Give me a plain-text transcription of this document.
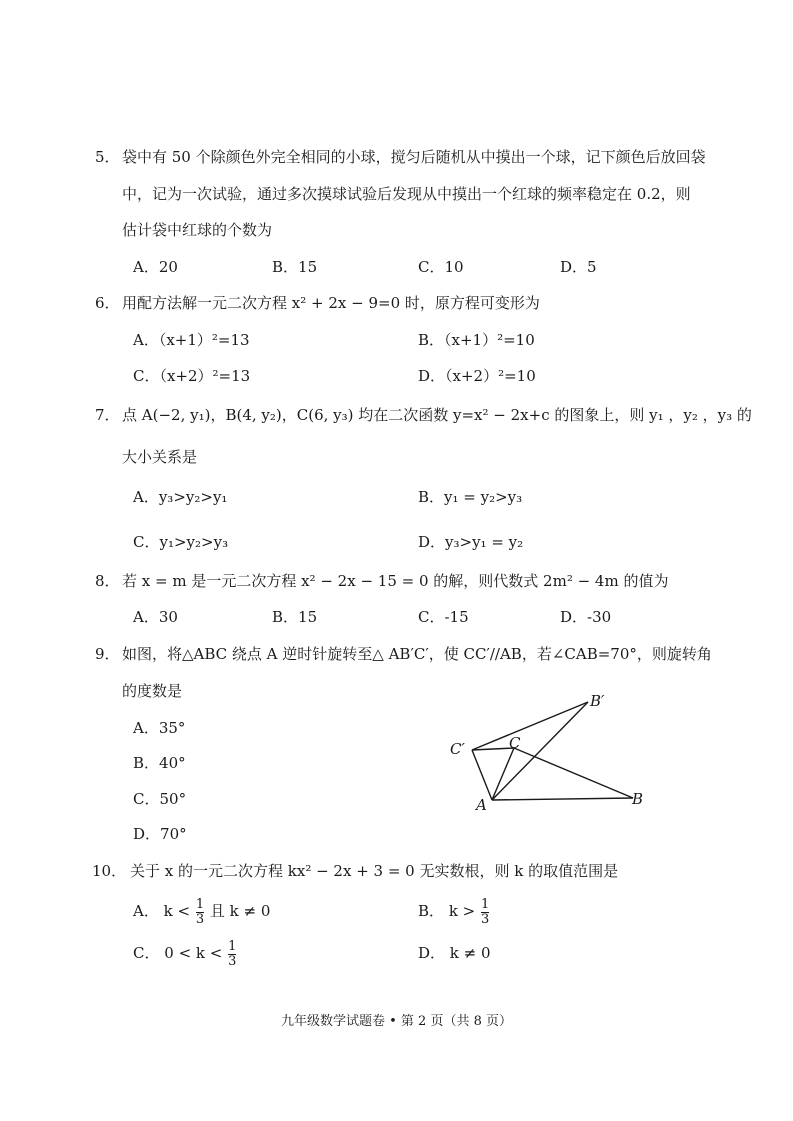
5． 袋中有 50 个除颜色外完全相同的小球，搅匀后随机从中摸出一个球，记下颜色后放回袋
中，记为一次试验，通过多次摸球试验后发现从中摸出一个红球的频率稳定在 0.2，则
估计袋中红球的个数为
A．20	B．15	C．10	D．5
6． 用配方法解一元二次方程 x² + 2x − 9=0 时，原方程可变形为
A．（x+1）²=13	B．（x+1）²=10
C．（x+2）²=13	D．（x+2）²=10
7． 点 A(−2, y₁)，B(4, y₂)，C(6, y₃) 均在二次函数 y=x² − 2x+c 的图象上，则 y₁ ，y₂ ，y₃ 的
大小关系是
A．y₃>y₂>y₁	B．y₁ = y₂>y₃
C．y₁>y₂>y₃	D．y₃>y₁ = y₂
8． 若 x = m 是一元二次方程 x² − 2x − 15 = 0 的解，则代数式 2m² − 4m 的值为
A．30	B．15	C．-15	D．-30
9． 如图，将△ABC 绕点 A 逆时针旋转至△ AB′C′，使 CC′//AB，若∠CAB=70°，则旋转角
的度数是
A．35°
B．40°
C．50°
D．70°
B′
C′	C
A	B
10． 关于 x 的一元二次方程 kx² − 2x + 3 = 0 无实数根，则 k 的取值范围是
A． $k < \frac{1}{3}$ 且 k ≠ 0	B． $k > \frac{1}{3}$
C． $0 < k < \frac{1}{3}$	D． k ≠ 0
九年级数学试题卷 • 第 2 页（共 8 页）
